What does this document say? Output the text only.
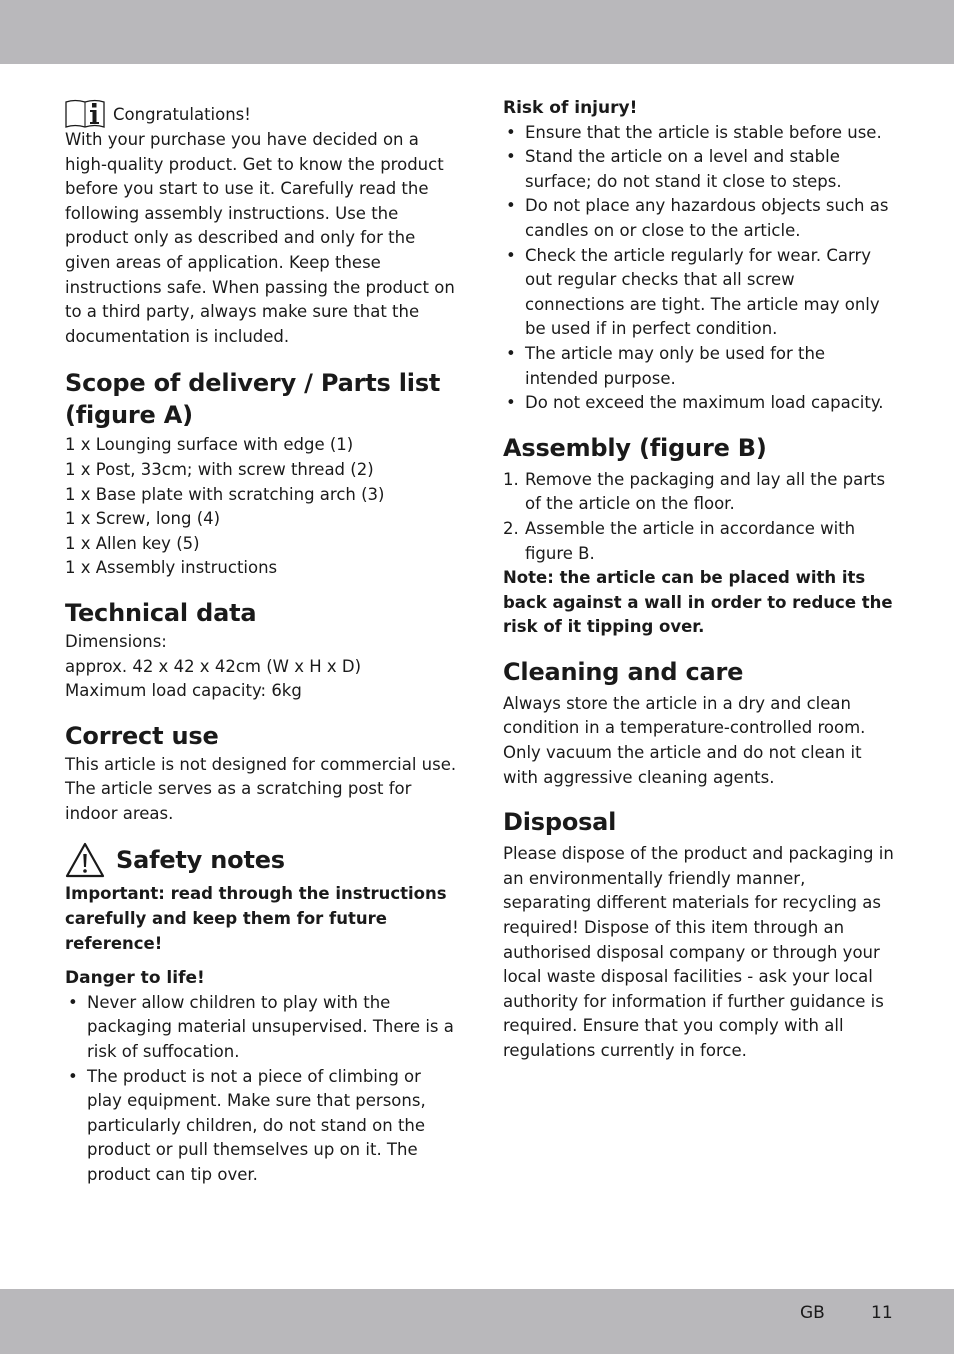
Congratulations!

With your purchase you have decided on a high-quality product. Get to know the product before you start to use it. Carefully read the following assembly instructions. Use the product only as described and only for the given areas of application. Keep these instructions safe. When passing the product on to a third party, always make sure that the documentation is included.

Scope of delivery / Parts list (figure A)

1 x Lounging surface with edge (1)

1 x Post, 33cm; with screw thread (2)

1 x Base plate with scratching arch (3)

1 x Screw, long (4)

1 x Allen key (5)

1 x Assembly instructions

Technical data

Dimensions:

approx. 42 x 42 x 42cm (W x H x D)

Maximum load capacity: 6kg

Correct use

This article is not designed for commercial use. The article serves as a scratching post for indoor areas.

Safety notes

Important: read through the instructions carefully and keep them for future reference!

Danger to life!
• Never allow children to play with the packaging material unsupervised. There is a risk of suffocation.
• The product is not a piece of climbing or play equipment. Make sure that persons, particularly children, do not stand on the product or pull themselves up on it. The product can tip over.
Risk of injury!
• Ensure that the article is stable before use.
• Stand the article on a level and stable surface; do not stand it close to steps.
• Do not place any hazardous objects such as candles on or close to the article.
• Check the article regularly for wear. Carry out regular checks that all screw connections are tight. The article may only be used if in perfect condition.
• The article may only be used for the intended purpose.
• Do not exceed the maximum load capacity.
Assembly (figure B)
1. Remove the packaging and lay all the parts of the article on the floor.
2. Assemble the article in accordance with figure B.

Note: the article can be placed with its back against a wall in order to reduce the risk of it tipping over.

Cleaning and care

Always store the article in a dry and clean condition in a temperature-controlled room. Only vacuum the article and do not clean it with aggressive cleaning agents.

Disposal

Please dispose of the product and packaging in an environmentally friendly manner, separating different materials for recycling as required! Dispose of this item through an authorised disposal company or through your local waste disposal facilities - ask your local authority for information if further guidance is required. Ensure that you comply with all regulations currently in force.

GB	11
